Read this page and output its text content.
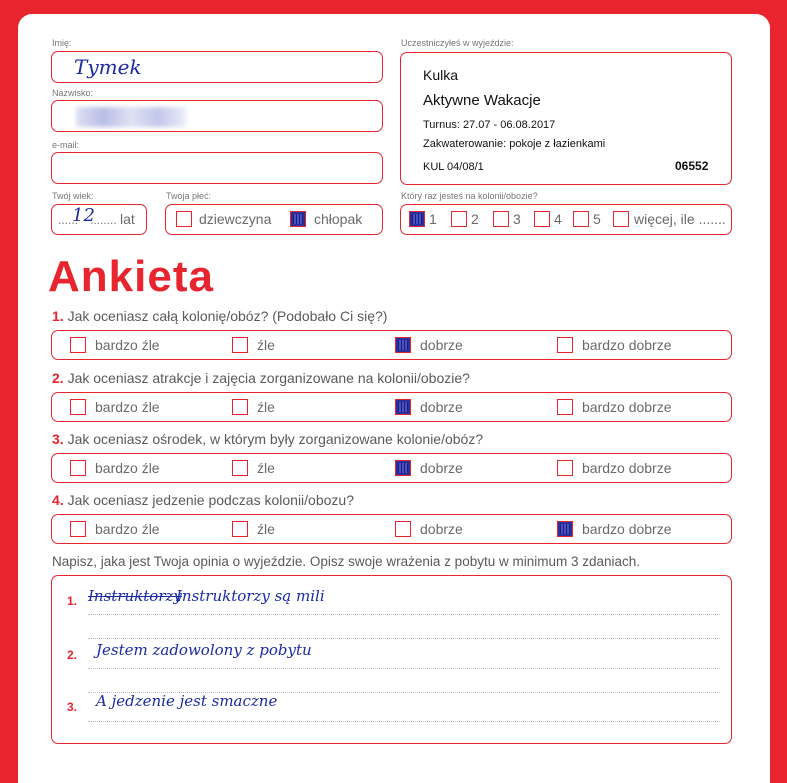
Imię:
Tymek
Nazwisko:
e-mail:
Twój wiek:
......
12
........ lat
Twoja płeć:
dziewczyna	chłopak
Uczestniczyłeś w wyjeździe:
Kulka
Aktywne Wakacje
Turnus: 27.07 - 06.08.2017
Zakwaterowanie: pokoje z łazienkami
KUL 04/08/1	06552
Który raz jesteś na kolonii/obozie?
1 2 3 4 5 więcej, ile .......
Ankieta
1. Jak oceniasz całą kolonię/obóz? (Podobało Ci się?)
bardzo źle	źle	dobrze	bardzo dobrze
2. Jak oceniasz atrakcje i zajęcia zorganizowane na kolonii/obozie?
bardzo źle	źle	dobrze	bardzo dobrze
3. Jak oceniasz ośrodek, w którym były zorganizowane kolonie/obóz?
bardzo źle	źle	dobrze	bardzo dobrze
4. Jak oceniasz jedzenie podczas kolonii/obozu?
bardzo źle	źle	dobrze	bardzo dobrze
Napisz, jaka jest Twoja opinia o wyjeździe. Opisz swoje wrażenia z pobytu w minimum 3 zdaniach.
1. Instruktorzy
Instruktorzy są mili
2. Jestem zadowolony z pobytu
3. A jedzenie jest smaczne
